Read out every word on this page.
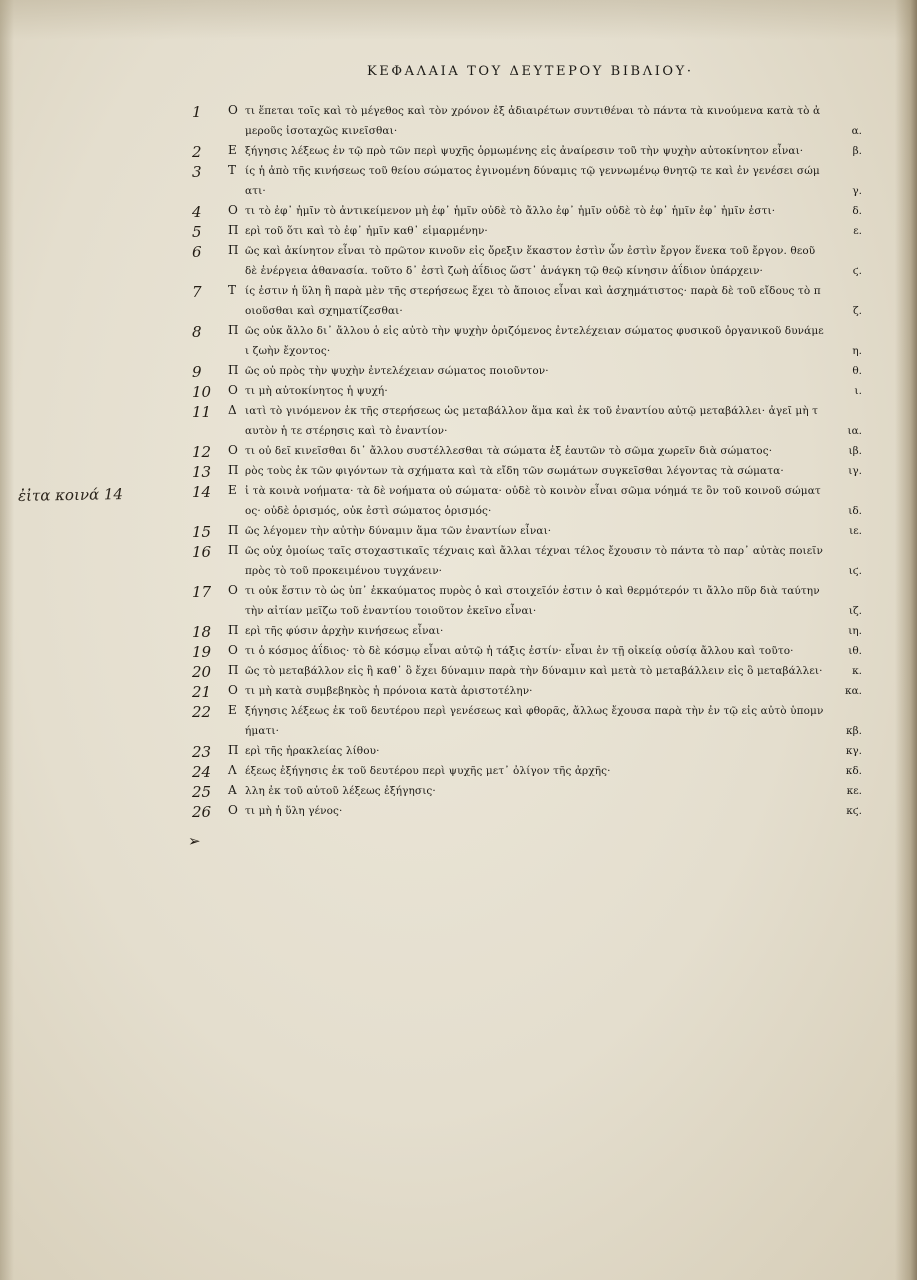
ΚΕΦΑΛΑΙΑ ΤΟΥ ΔΕΥΤΕΡΟΥ ΒΙΒΛΙΟΥ·
ἐἰτα κοινά 14
➢
1	Ο τι ἕπεται τοῖς καὶ τὸ μέγεθος καὶ τὸν χρόνον ἐξ ἀδιαιρέτων συντιθέναι τὸ πάντα τὰ κινούμενα κατὰ τὸ ἀμεροῦς ἰσοταχῶς κινεῖσθαι·	α.
2	Ε ξήγησις λέξεως ἐν τῷ πρὸ τῶν περὶ ψυχῆς ὁρμωμένης εἰς ἀναίρεσιν τοῦ τὴν ψυχὴν αὐτοκίνητον εἶναι·	β.
3	Τ ίς ἡ ἀπὸ τῆς κινήσεως τοῦ θείου σώματος ἐγινομένη δύναμις τῷ γεννωμένῳ θνητῷ τε καὶ ἐν γενέσει σώματι·	γ.
4	Ο τι τὸ ἐφ᾽ ἡμῖν τὸ ἀντικείμενον μὴ ἐφ᾽ ἡμῖν οὐδὲ τὸ ἄλλο ἐφ᾽ ἡμῖν οὐδὲ τὸ ἐφ᾽ ἡμῖν ἐφ᾽ ἡμῖν ἐστι·	δ.
5	Π ερὶ τοῦ ὅτι καὶ τὸ ἐφ᾽ ἡμῖν καθ᾽ εἱμαρμένην·	ε.
6	Π ῶς καὶ ἀκίνητον εἶναι τὸ πρῶτον κινοῦν εἰς ὄρεξιν ἕκαστον ἐστὶν ὧν ἐστὶν ἔργον ἕνεκα τοῦ ἔργον. θεοῦ δὲ ἐνέργεια ἀθανασία. τοῦτο δ᾽ ἐστὶ ζωὴ ἀΐδιος ὥστ᾽ ἀνάγκη τῷ θεῷ κίνησιν ἀΐδιον ὑπάρχειν·	ϛ.
7	Τ ίς ἐστιν ἡ ὕλη ἢ παρὰ μὲν τῆς στερήσεως ἔχει τὸ ἄποιος εἶναι καὶ ἀσχημάτιστος· παρὰ δὲ τοῦ εἴδους τὸ ποιοῦσθαι καὶ σχηματίζεσθαι·	ζ.
8	Π ῶς οὐκ ἄλλο δι᾽ ἄλλου ὁ εἰς αὐτὸ τὴν ψυχὴν ὁριζόμενος ἐντελέχειαν σώματος φυσικοῦ ὀργανικοῦ δυνάμει ζωὴν ἔχοντος·	η.
9	Π ῶς οὐ πρὸς τὴν ψυχὴν ἐντελέχειαν σώματος ποιοῦντον·	θ.
10	Ο τι μὴ αὐτοκίνητος ἡ ψυχή·	ι.
11	Δ ιατὶ τὸ γινόμενον ἐκ τῆς στερήσεως ὡς μεταβάλλον ἅμα καὶ ἐκ τοῦ ἐναντίου αὐτῷ μεταβάλλει· ἀγεῖ μὴ ταυτὸν ἡ τε στέρησις καὶ τὸ ἐναντίον·	ια.
12	Ο τι οὐ δεῖ κινεῖσθαι δι᾽ ἄλλου συστέλλεσθαι τὰ σώματα ἐξ ἑαυτῶν τὸ σῶμα χωρεῖν διὰ σώματος·	ιβ.
13	Π ρὸς τοὺς ἐκ τῶν φιγόντων τὰ σχήματα καὶ τὰ εἴδη τῶν σωμάτων συγκεῖσθαι λέγοντας τὰ σώματα·	ιγ.
14	Ε ἰ τὰ κοινὰ νοήματα· τὰ δὲ νοήματα οὐ σώματα· οὐδὲ τὸ κοινὸν εἶναι σῶμα νόημά τε ὂν τοῦ κοινοῦ σώματος· οὐδὲ ὁρισμός, οὐκ ἐστὶ σώματος ὁρισμός·	ιδ.
15	Π ῶς λέγομεν τὴν αὐτὴν δύναμιν ἅμα τῶν ἐναντίων εἶναι·	ιε.
16	Π ῶς οὐχ ὁμοίως ταῖς στοχαστικαῖς τέχναις καὶ ἄλλαι τέχναι τέλος ἔχουσιν τὸ πάντα τὸ παρ᾽ αὐτὰς ποιεῖν πρὸς τὸ τοῦ προκειμένου τυγχάνειν·	ιϛ.
17	Ο τι οὐκ ἔστιν τὸ ὡς ὑπ᾽ ἐκκαύματος πυρὸς ὁ καὶ στοιχεῖόν ἐστιν ὁ καὶ θερμότερόν τι ἄλλο πῦρ διὰ ταύτην τὴν αἰτίαν μεῖζω τοῦ ἐναντίου τοιοῦτον ἐκεῖνο εἶναι·	ιζ.
18	Π ερὶ τῆς φύσιν ἀρχὴν κινήσεως εἶναι·	ιη.
19	Ο τι ὁ κόσμος ἀΐδιος· τὸ δὲ κόσμῳ εἶναι αὐτῷ ἡ τάξις ἐστίν· εἶναι ἐν τῇ οἰκείᾳ οὐσίᾳ ἄλλου καὶ τοῦτο·	ιθ.
20	Π ῶς τὸ μεταβάλλον εἰς ἢ καθ᾽ ὃ ἔχει δύναμιν παρὰ τὴν δύναμιν καὶ μετὰ τὸ μεταβάλλειν εἰς ὃ μεταβάλλει·	κ.
21	Ο τι μὴ κατὰ συμβεβηκὸς ἡ πρόνοια κατὰ ἀριστοτέλην·	κα.
22	Ε ξήγησις λέξεως ἐκ τοῦ δευτέρου περὶ γενέσεως καὶ φθορᾶς, ἄλλως ἔχουσα παρὰ τὴν ἐν τῷ εἰς αὐτὸ ὑπομνήματι·	κβ.
23	Π ερὶ τῆς ἡρακλείας λίθου·	κγ.
24	Λ έξεως ἐξήγησις ἐκ τοῦ δευτέρου περὶ ψυχῆς μετ᾽ ὀλίγον τῆς ἀρχῆς·	κδ.
25	Α λλη ἐκ τοῦ αὐτοῦ λέξεως ἐξήγησις·	κε.
26	Ο τι μὴ ἡ ὕλη γένος·	κϛ.
